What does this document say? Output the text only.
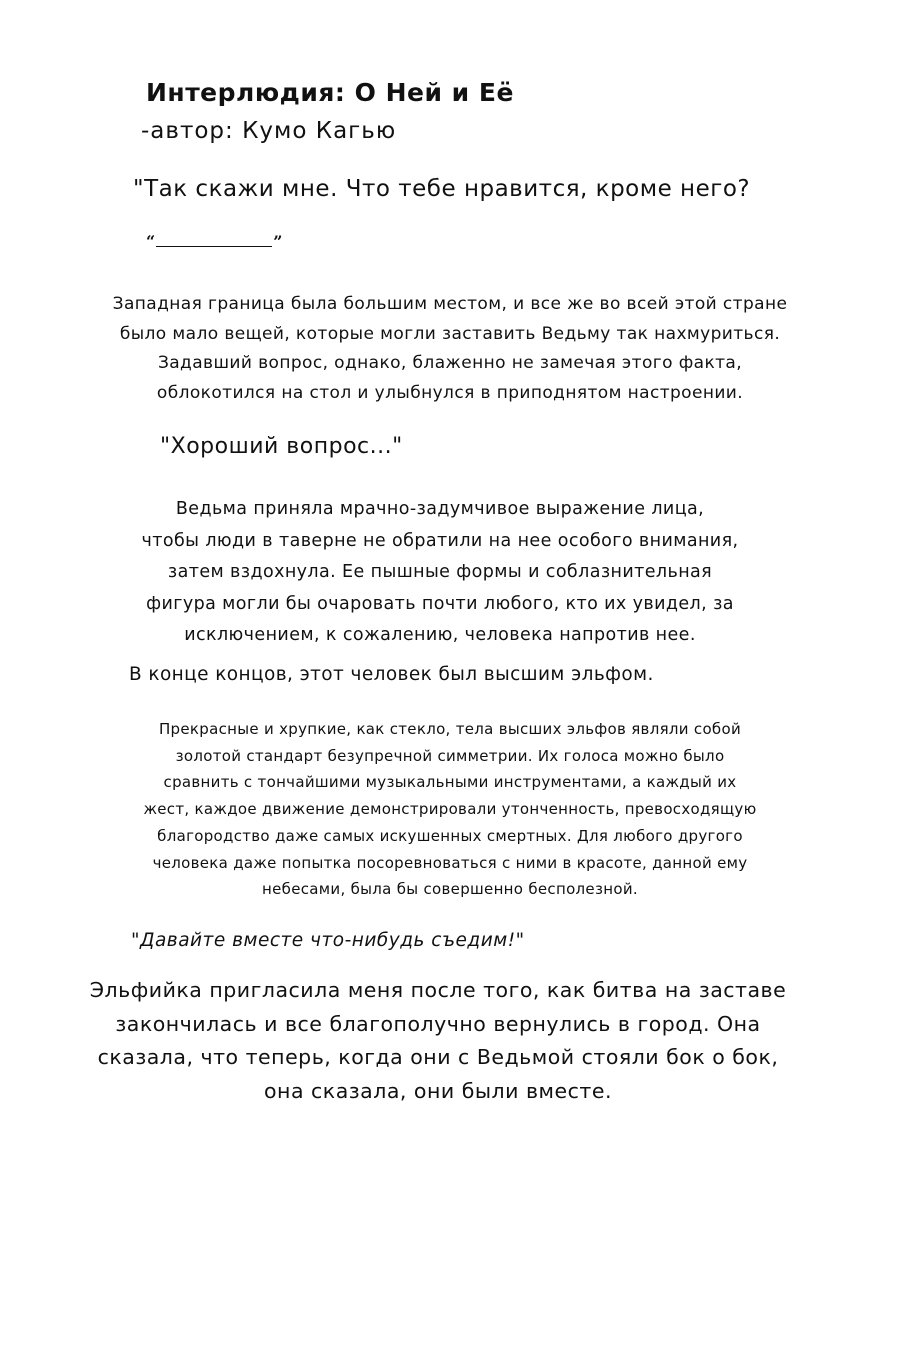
Интерлюдия: О Ней и Её
-автор: Кумо Кагью
"Так скажи мне. Что тебе нравится, кроме него?
“	”

Западная граница была большим местом, и все же во всей этой стране

было мало вещей, которые могли заставить Ведьму так нахмуриться.

Задавший вопрос, однако, блаженно не замечая этого факта,

облокотился на стол и улыбнулся в приподнятом настроении.

"Хороший вопрос..."

Ведьма приняла мрачно-задумчивое выражение лица,

чтобы люди в таверне не обратили на нее особого внимания,

затем вздохнула. Ее пышные формы и соблазнительная

фигура могли бы очаровать почти любого, кто их увидел, за

исключением, к сожалению, человека напротив нее.

В конце концов, этот человек был высшим эльфом.

Прекрасные и хрупкие, как стекло, тела высших эльфов являли собой

золотой стандарт безупречной симметрии. Их голоса можно было

сравнить с тончайшими музыкальными инструментами, а каждый их

жест, каждое движение демонстрировали утонченность, превосходящую

благородство даже самых искушенных смертных. Для любого другого

человека даже попытка посоревноваться с ними в красоте, данной ему

небесами, была бы совершенно бесполезной.

"Давайте вместе что-нибудь съедим!"

Эльфийка пригласила меня после того, как битва на заставе

закончилась и все благополучно вернулись в город. Она

сказала, что теперь, когда они с Ведьмой стояли бок о бок,

она сказала, они были вместе.
